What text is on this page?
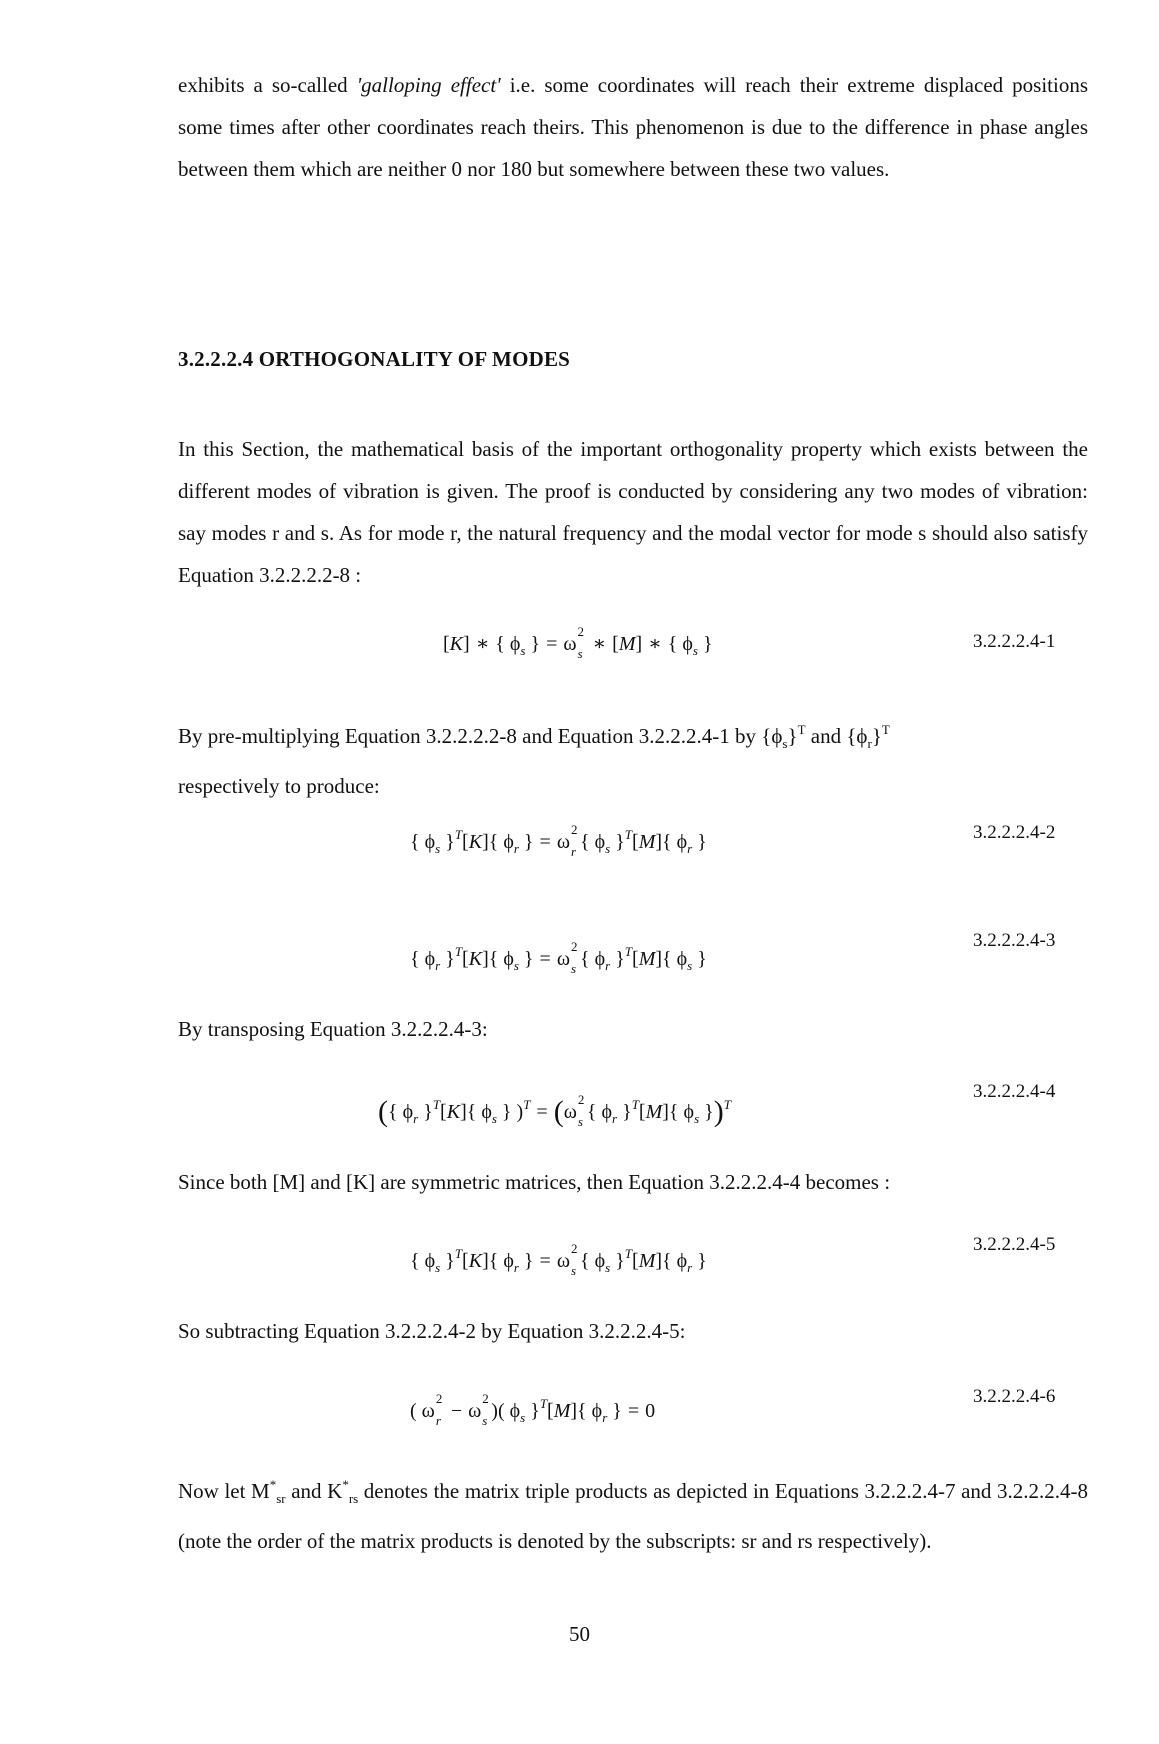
exhibits a so-called 'galloping effect' i.e. some coordinates will reach their extreme displaced positions some times after other coordinates reach theirs. This phenomenon is due to the difference in phase angles between them which are neither 0 nor 180 but somewhere between these two values.

3.2.2.2.4 ORTHOGONALITY OF MODES

In this Section, the mathematical basis of the important orthogonality property which exists between the different modes of vibration is given. The proof is conducted by considering any two modes of vibration: say modes r and s. As for mode r, the natural frequency and the modal vector for mode s should also satisfy Equation 3.2.2.2.2-8 :

[K] ∗ { $\phi_s$ } = ω
2
s ∗ [M] ∗ { $\phi_s$ }	3.2.2.2.4-1

By pre-multiplying Equation 3.2.2.2.2-8 and Equation 3.2.2.2.4-1 by $\{\phi_s\}^T$ and $\{\phi_r\}^T$
respectively to produce:

{ $\phi_s$ }$^T$[K]{ $\phi_r$ } = ω
2
r { $\phi_s$ }$^T$[M]{ $\phi_r$ }	3.2.2.2.4-2
{ $\phi_r$ }$^T$[K]{ $\phi_s$ } = ω
2
s { $\phi_r$ }$^T$[M]{ $\phi_s$ }
3.2.2.2.4-3

By transposing Equation 3.2.2.2.4-3:

({ $\phi_r$ }$^T$[K]{ $\phi_s$ } )$^T$ = (ω
2
s { $\phi_r$ }$^T$[M]{ $\phi_s$ })$^T$
3.2.2.2.4-4

Since both [M] and [K] are symmetric matrices, then Equation 3.2.2.2.4-4 becomes :

{ $\phi_s$ }$^T$[K]{ $\phi_r$ } = ω
2
s { $\phi_s$ }$^T$[M]{ $\phi_r$ }
3.2.2.2.4-5

So subtracting Equation 3.2.2.2.4-2 by Equation 3.2.2.2.4-5:

( ω
2
r − ω
2
s )( $\phi_s$ }$^T$[M]{ $\phi_r$ } = 0
3.2.2.2.4-6

Now let $M^*_{sr}$ and $K^*_{rs}$ denotes the matrix triple products as depicted in Equations 3.2.2.2.4-7 and 3.2.2.2.4-8 (note the order of the matrix products is denoted by the subscripts: sr and rs respectively).

50
